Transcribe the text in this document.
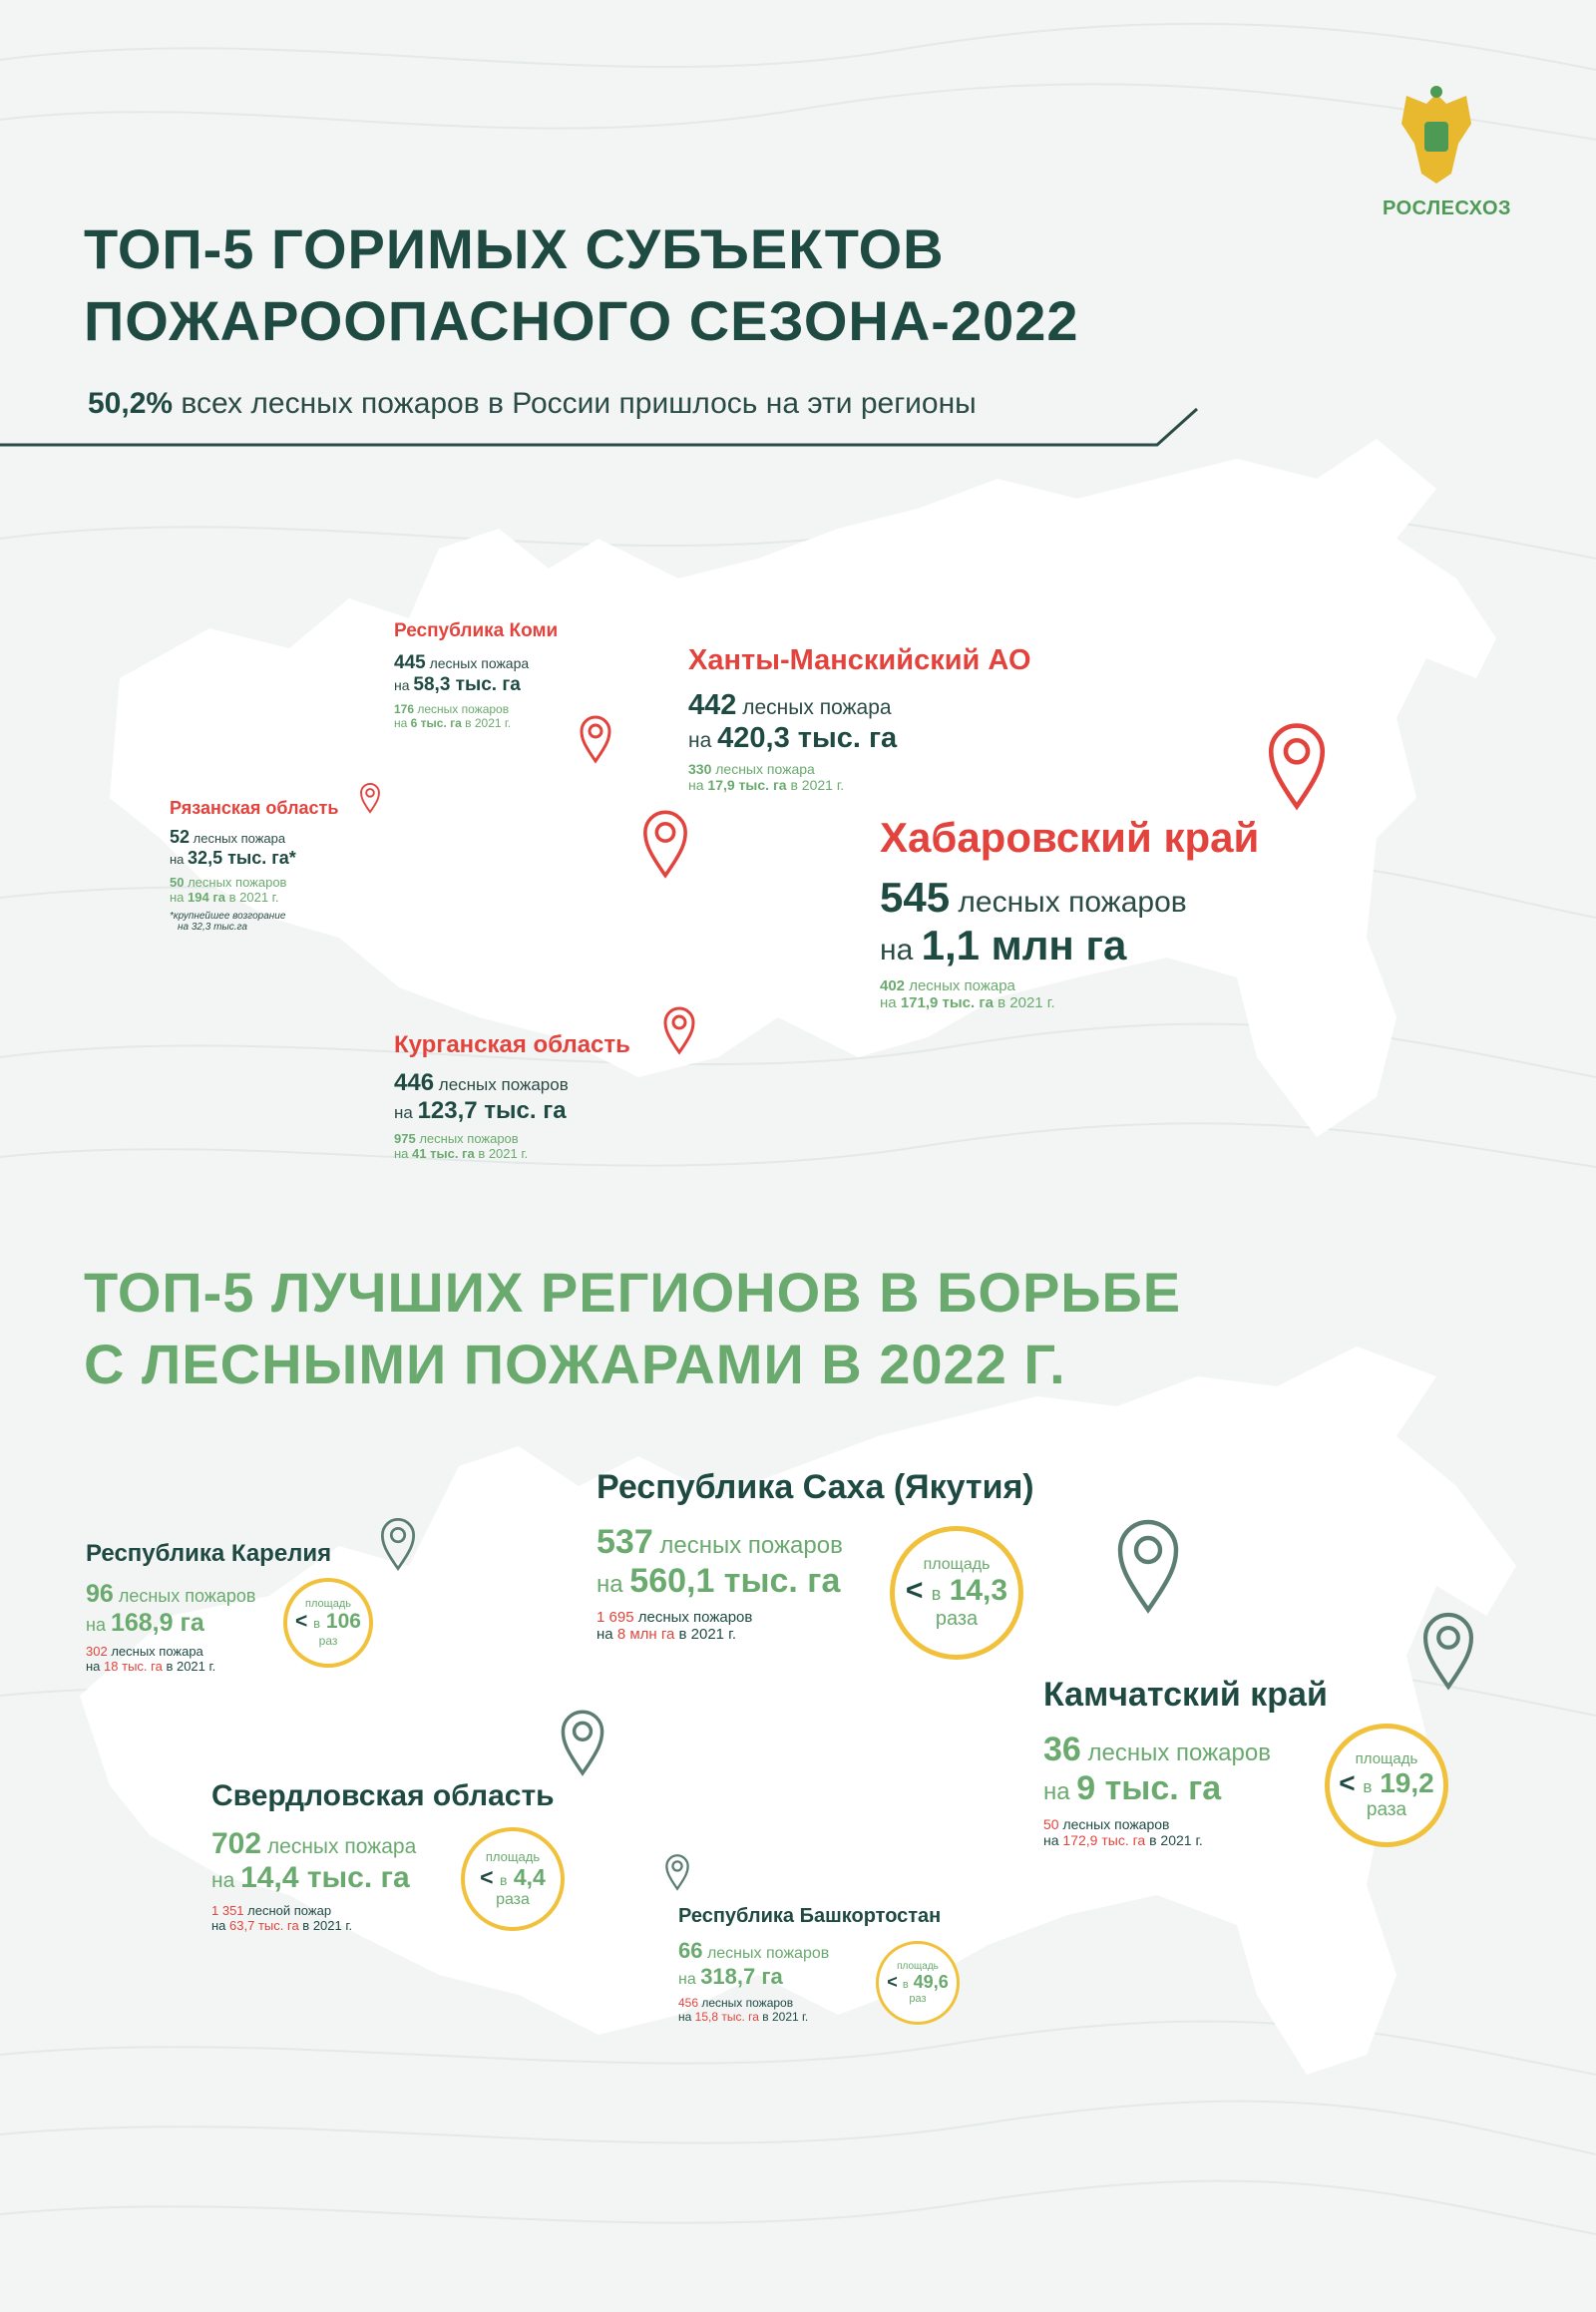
РОСЛЕСХОЗ
ТОП-5 ГОРИМЫХ СУБЪЕКТОВ
ПОЖАРООПАСНОГО СЕЗОНА-2022
50,2% всех лесных пожаров в России пришлось на эти регионы
Республика Коми
445 лесных пожара
на 58,3 тыс. га
176 лесных пожаров
на 6 тыс. га в 2021 г.
Ханты-Манскийский АО
442 лесных пожара
на 420,3 тыс. га
330 лесных пожара
на 17,9 тыс. га в 2021 г.
Рязанская область
52 лесных пожара
на 32,5 тыс. га*
50 лесных пожаров
на 194 га в 2021 г.
*крупнейшее возгорание
на 32,3 тыс.га
Хабаровский край
545 лесных пожаров
на 1,1 млн га
402 лесных пожара
на 171,9 тыс. га в 2021 г.
Курганская область
446 лесных пожаров
на 123,7 тыс. га
975 лесных пожаров
на 41 тыс. га в 2021 г.
ТОП-5 ЛУЧШИХ РЕГИОНОВ В БОРЬБЕ
С ЛЕСНЫМИ ПОЖАРАМИ В 2022 Г.
Республика Карелия
96 лесных пожаров
на 168,9 га
302 лесных пожара
на 18 тыс. га в 2021 г.
площадь
< в 106
раз
Республика Саха (Якутия)
537 лесных пожаров
на 560,1 тыс. га
1 695 лесных пожаров
на 8 млн га в 2021 г.
площадь
< в 14,3
раза
Камчатский край
36 лесных пожаров
на 9 тыс. га
50 лесных пожаров
на 172,9 тыс. га в 2021 г.
площадь
< в 19,2
раза
Свердловская область
702 лесных пожара
на 14,4 тыс. га
1 351 лесной пожар
на 63,7 тыс. га в 2021 г.
площадь
< в 4,4
раза
Республика Башкортостан
66 лесных пожаров
на 318,7 га
456 лесных пожаров
на 15,8 тыс. га в 2021 г.
площадь
< в 49,6
раз
